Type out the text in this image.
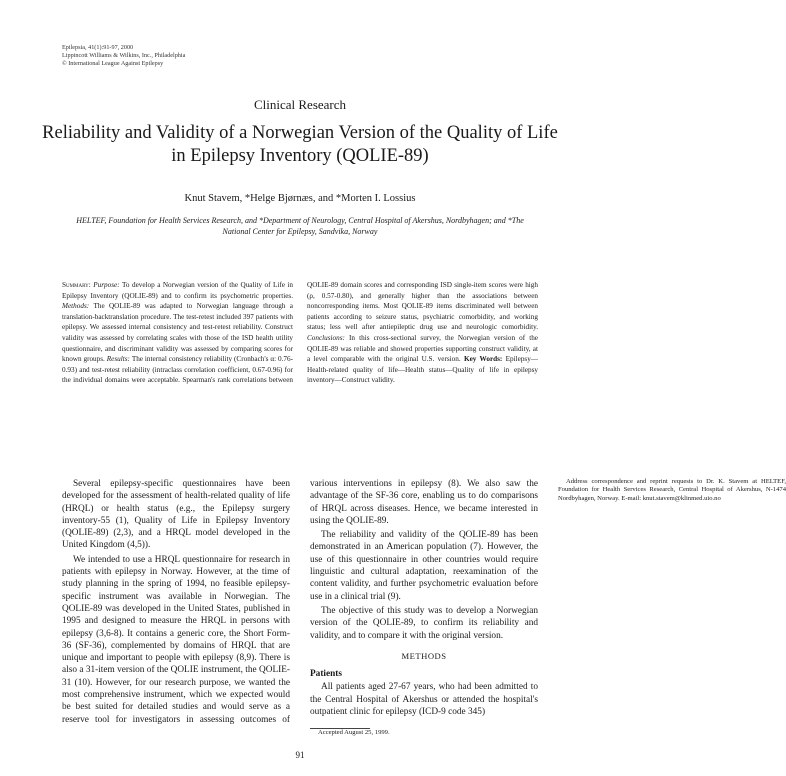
Epilepsia, 41(1):91-97, 2000
Lippincott Williams & Wilkins, Inc., Philadelphia
© International League Against Epilepsy
Clinical Research
Reliability and Validity of a Norwegian Version of the Quality of Life in Epilepsy Inventory (QOLIE-89)
Knut Stavem, *Helge Bjørnæs, and *Morten I. Lossius
HELTEF, Foundation for Health Services Research, and *Department of Neurology, Central Hospital of Akershus, Nordbyhagen; and *The National Center for Epilepsy, Sandvika, Norway

Summary: Purpose: To develop a Norwegian version of the Quality of Life in Epilepsy Inventory (QOLIE-89) and to confirm its psychometric properties. Methods: The QOLIE-89 was adapted to Norwegian language through a translation-backtranslation procedure. The test-retest included 397 patients with epilepsy. We assessed internal consistency and test-retest reliability. Construct validity was assessed by correlating scales with those of the ISD health utility questionnaire, and discriminant validity was assessed by comparing scores for known groups. Results: The internal consistency reliability (Cronbach's α: 0.76-0.93) and test-retest reliability (intraclass correlation coefficient, 0.67-0.96) for the individual domains were acceptable. Spearman's rank correlations between QOLIE-89 domain scores and corresponding ISD single-item scores were high (ρ, 0.57-0.80), and generally higher than the associations between noncorresponding items. Most QOLIE-89 items discriminated well between patients according to seizure status, psychiatric comorbidity, and working status; less well after antiepileptic drug use and neurologic comorbidity. Conclusions: In this cross-sectional survey, the Norwegian version of the QOLIE-89 was reliable and showed properties supporting construct validity, at a level comparable with the original U.S. version. Key Words: Epilepsy—Health-related quality of life—Health status—Quality of life in epilepsy inventory—Construct validity.

Several epilepsy-specific questionnaires have been developed for the assessment of health-related quality of life (HRQL) or health status (e.g., the Epilepsy surgery inventory-55 (1), Quality of Life in Epilepsy Inventory (QOLIE-89) (2,3), and a HRQL model developed in the United Kingdom (4,5)).

We intended to use a HRQL questionnaire for research in patients with epilepsy in Norway. However, at the time of study planning in the spring of 1994, no feasible epilepsy-specific instrument was available in Norwegian. The QOLIE-89 was developed in the United States, published in 1995 and designed to measure the HRQL in persons with epilepsy (3,6-8). It contains a generic core, the Short Form-36 (SF-36), complemented by domains of HRQL that are unique and important to people with epilepsy (8,9). There is also a 31-item version of the QOLIE instrument, the QOLIE-31 (10). However, for our research purpose, we wanted the most comprehensive instrument, which we expected would be best suited for detailed studies and would serve as a reserve tool for investigators in assessing outcomes of various interventions in epilepsy (8). We also saw the advantage of the SF-36 core, enabling us to do comparisons of HRQL across diseases. Hence, we became interested in using the QOLIE-89.

The reliability and validity of the QOLIE-89 has been demonstrated in an American population (7). However, the use of this questionnaire in other countries would require linguistic and cultural adaptation, reexamination of the content validity, and further psychometric evaluation before use in a clinical trial (9).

The objective of this study was to develop a Norwegian version of the QOLIE-89, to confirm its reliability and validity, and to compare it with the original version.

METHODS

Patients

All patients aged 27-67 years, who had been admitted to the Central Hospital of Akershus or attended the hospital's outpatient clinic for epilepsy (ICD-9 code 345)

Accepted August 25, 1999.

Address correspondence and reprint requests to Dr. K. Stavem at HELTEF, Foundation for Health Services Research, Central Hospital of Akershus, N-1474 Nordbyhagen, Norway. E-mail: knut.stavem@klinmed.uio.no

91
